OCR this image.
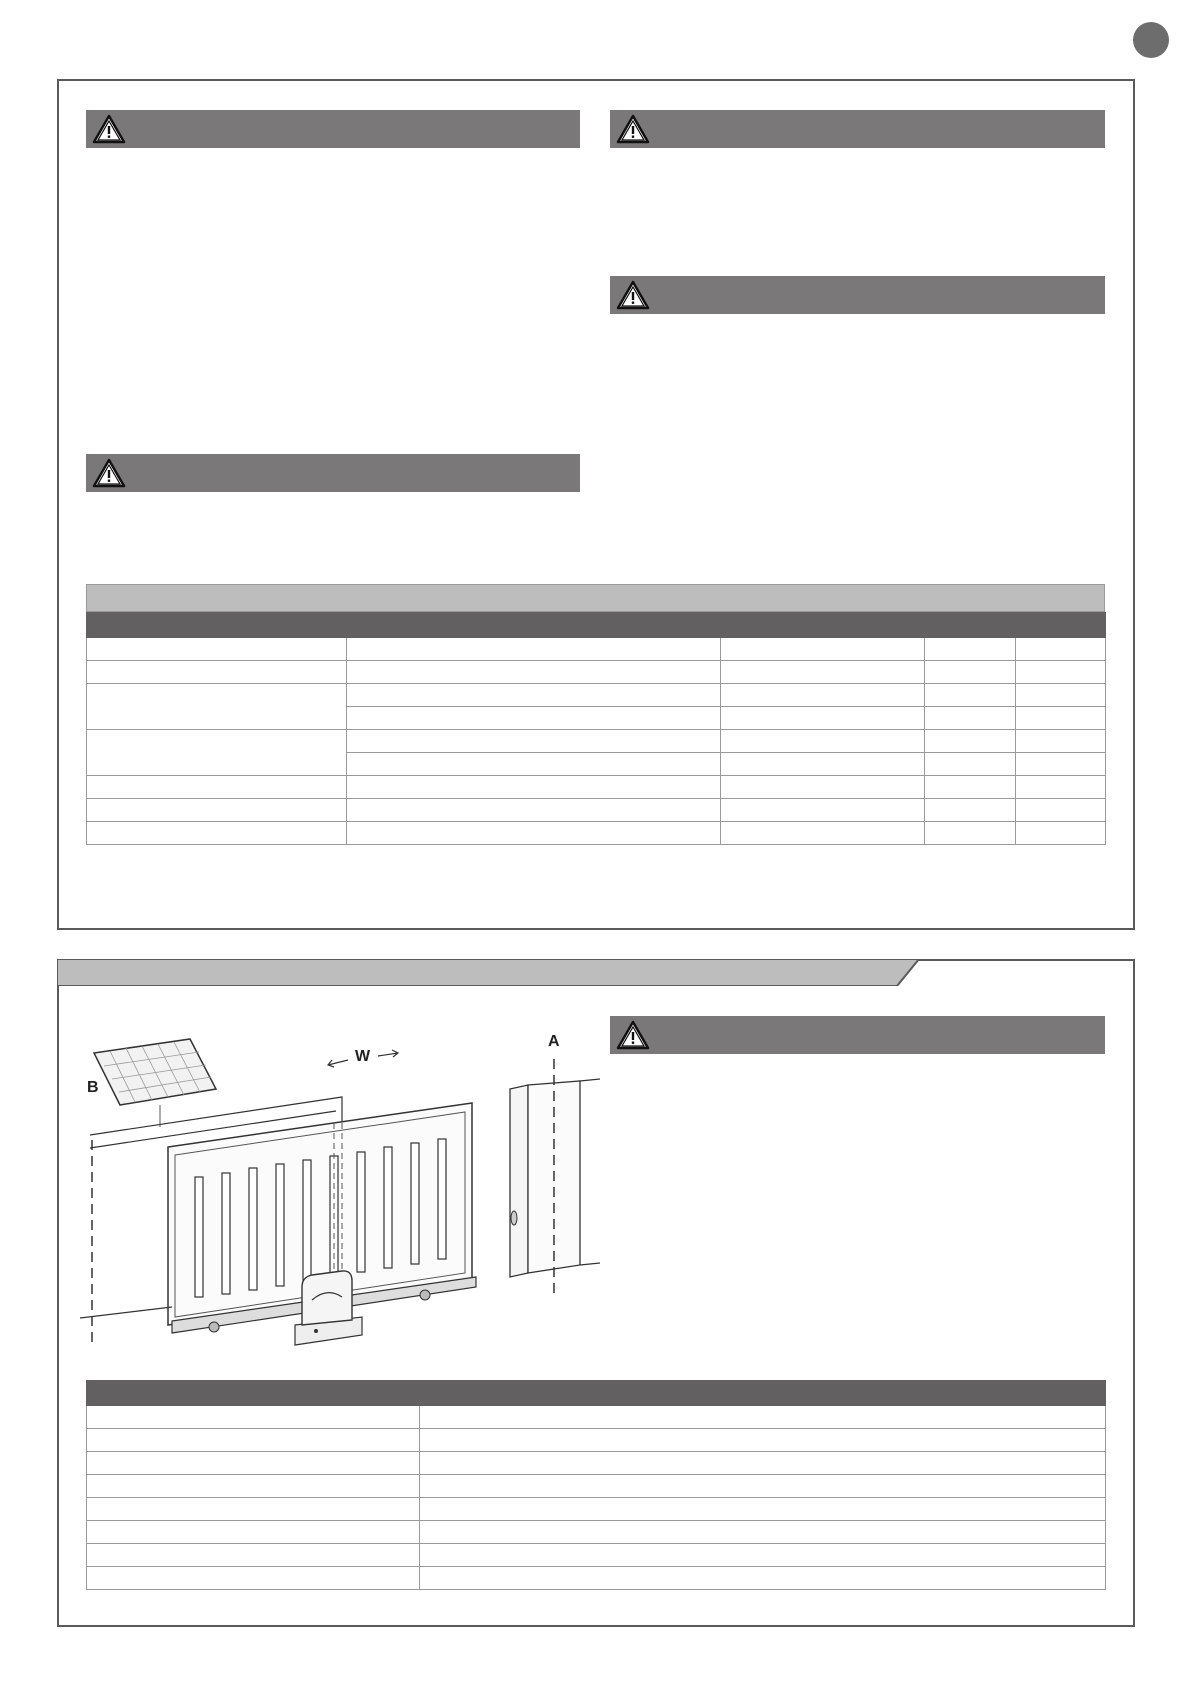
A
B
W
